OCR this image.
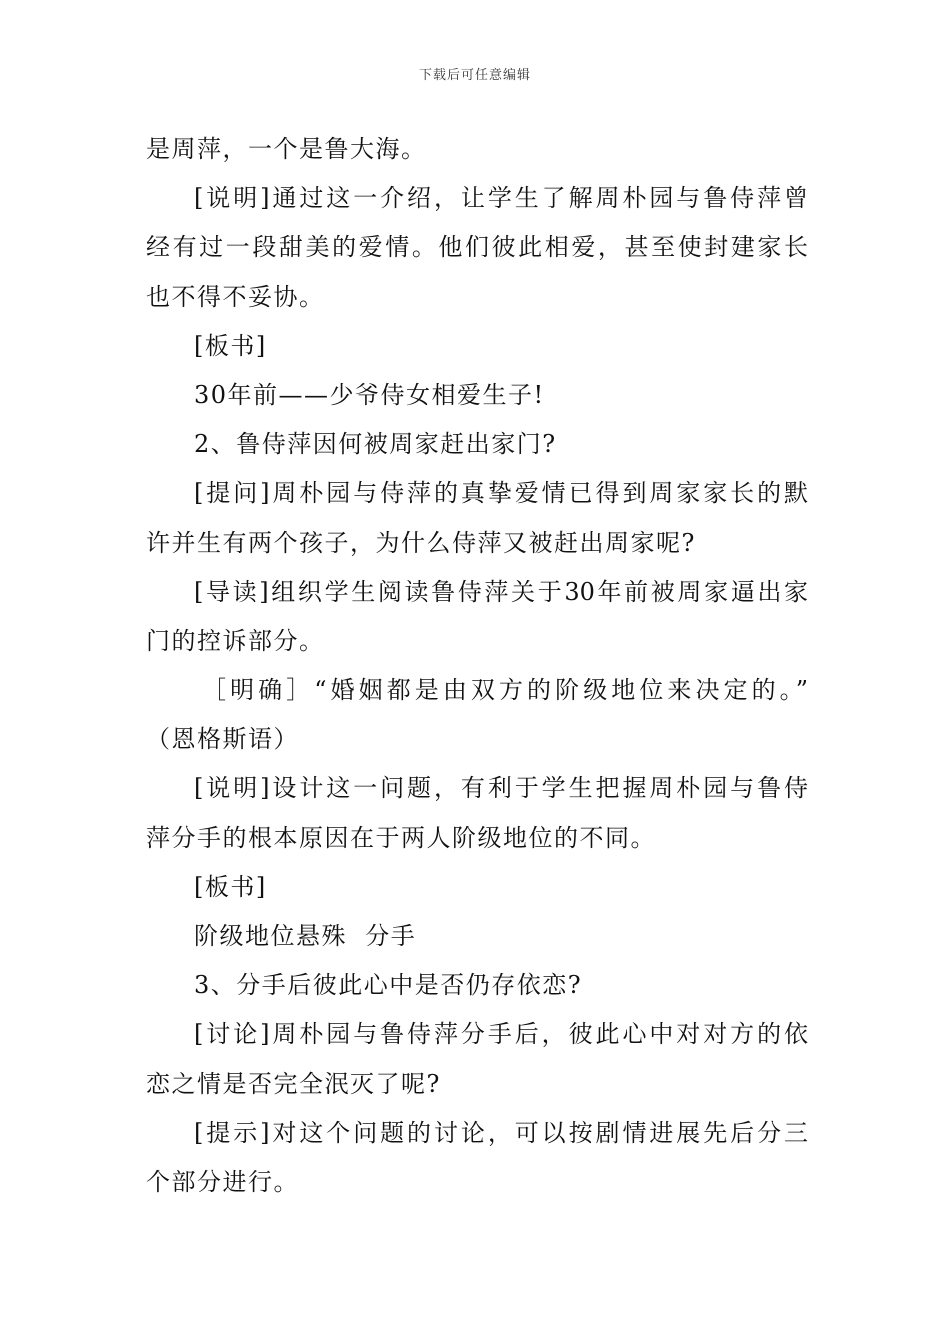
下载后可任意编辑
是周萍，一个是鲁大海。
[说明]通过这一介绍，让学生了解周朴园与鲁侍萍曾
经有过一段甜美的爱情。他们彼此相爱，甚至使封建家长
也不得不妥协。
[板书]
30年前——少爷侍女相爱生子!
2、鲁侍萍因何被周家赶出家门?
[提问]周朴园与侍萍的真挚爱情已得到周家家长的默
许并生有两个孩子，为什么侍萍又被赶出周家呢?
[导读]组织学生阅读鲁侍萍关于30年前被周家逼出家
门的控诉部分。
［明确］“婚姻都是由双方的阶级地位来决定的。”
（恩格斯语）
[说明]设计这一问题，有利于学生把握周朴园与鲁侍
萍分手的根本原因在于两人阶级地位的不同。
[板书]
阶级地位悬殊  分手
3、分手后彼此心中是否仍存依恋?
[讨论]周朴园与鲁侍萍分手后，彼此心中对对方的依
恋之情是否完全泯灭了呢?
[提示]对这个问题的讨论，可以按剧情进展先后分三
个部分进行。
